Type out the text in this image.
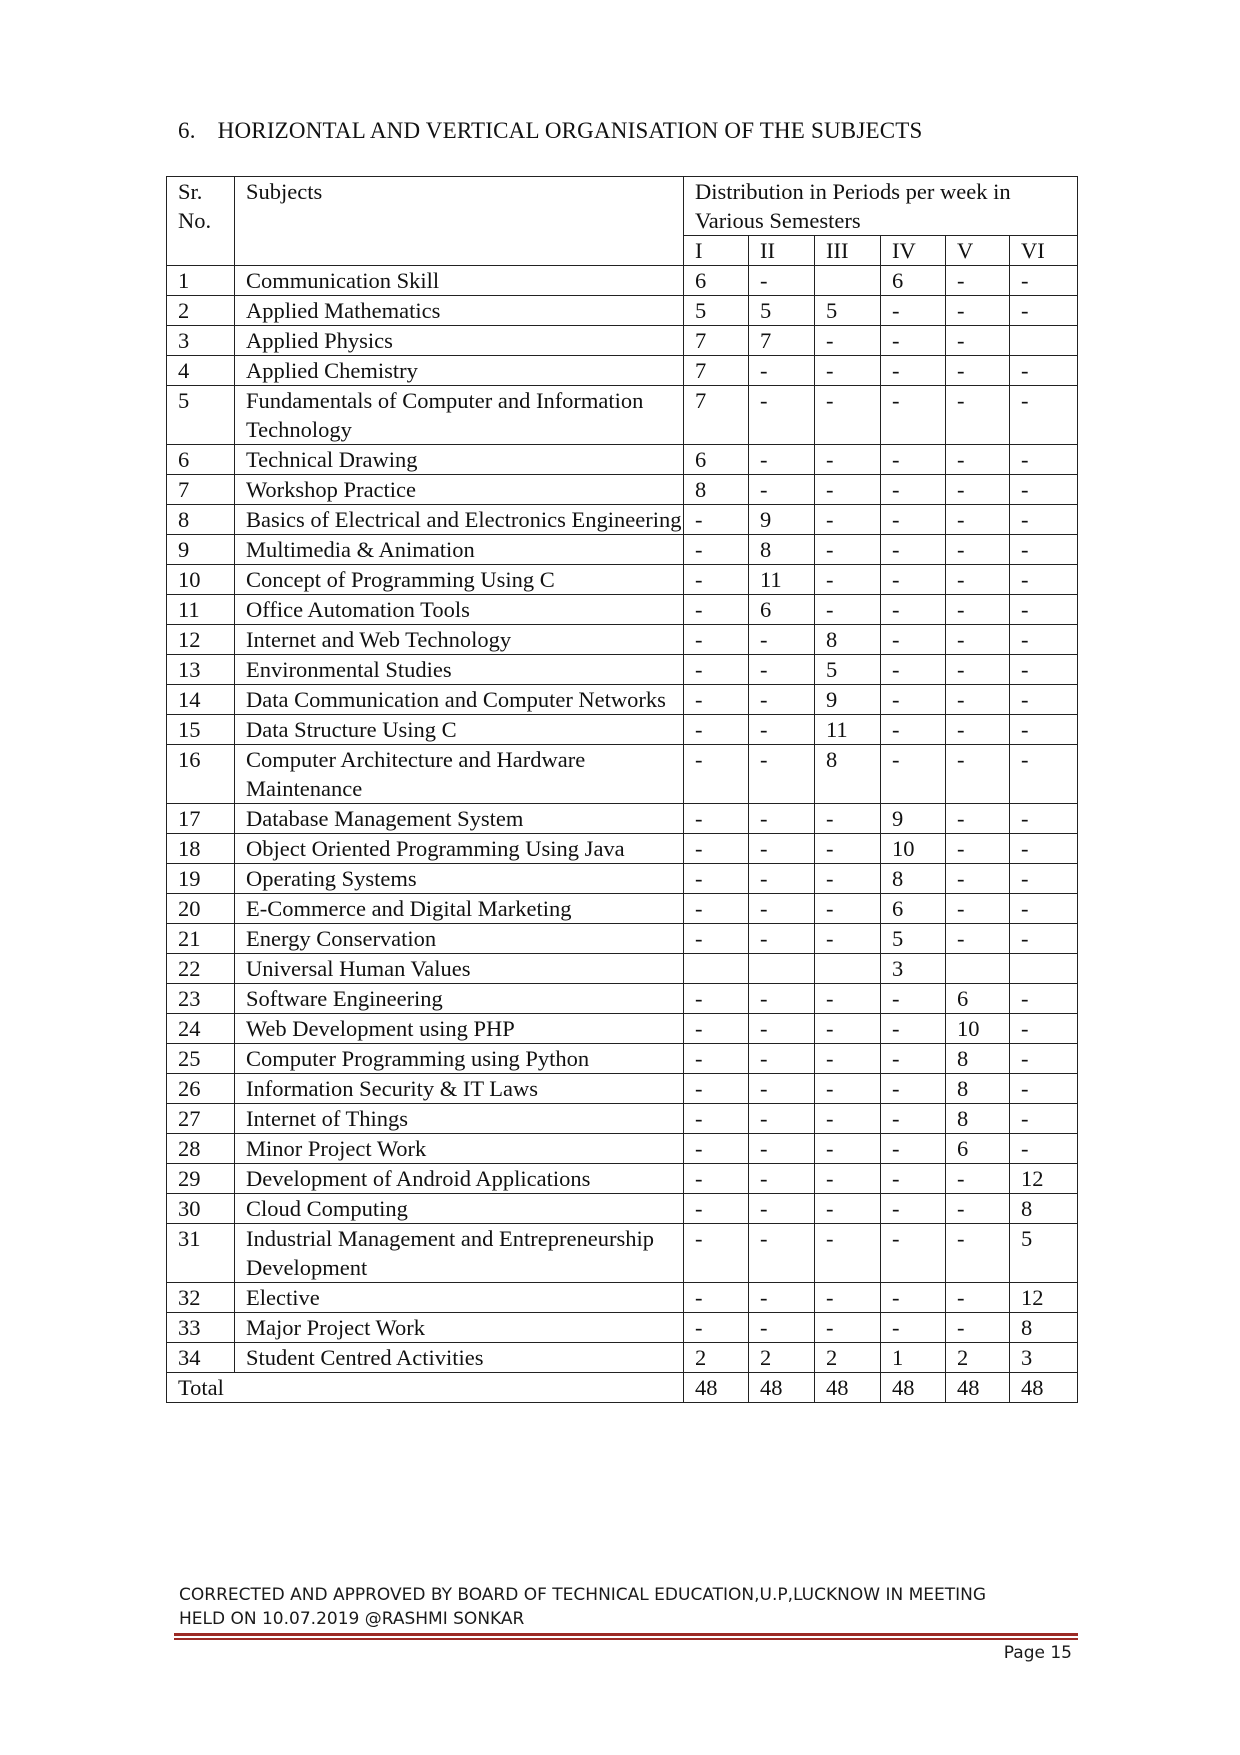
6. HORIZONTAL AND VERTICAL ORGANISATION OF THE SUBJECTS
Sr.
No.	Subjects	Distribution in Periods per week in Various Semesters					
		I	II	III	IV	V	VI
1	Communication Skill	6	-		6	-	-
2	Applied Mathematics	5	5	5	-	-	-
3	Applied Physics	7	7	-	-	-	
4	Applied Chemistry	7	-	-	-	-	-
5	Fundamentals of Computer and Information Technology	7	-	-	-	-	-
6	Technical Drawing	6	-	-	-	-	-
7	Workshop Practice	8	-	-	-	-	-
8	Basics of Electrical and Electronics Engineering	-	9	-	-	-	-
9	Multimedia & Animation	-	8	-	-	-	-
10	Concept of Programming Using C	-	11	-	-	-	-
11	Office Automation Tools	-	6	-	-	-	-
12	Internet and Web Technology	-	-	8	-	-	-
13	Environmental Studies	-	-	5	-	-	-
14	Data Communication and Computer Networks	-	-	9	-	-	-
15	Data Structure Using C	-	-	11	-	-	-
16	Computer Architecture and Hardware Maintenance	-	-	8	-	-	-
17	Database Management System	-	-	-	9	-	-
18	Object Oriented Programming Using Java	-	-	-	10	-	-
19	Operating Systems	-	-	-	8	-	-
20	E-Commerce and Digital Marketing	-	-	-	6	-	-
21	Energy Conservation	-	-	-	5	-	-
22	Universal Human Values				3		
23	Software Engineering	-	-	-	-	6	-
24	Web Development using PHP	-	-	-	-	10	-
25	Computer Programming using Python	-	-	-	-	8	-
26	Information Security & IT Laws	-	-	-	-	8	-
27	Internet of Things	-	-	-	-	8	-
28	Minor Project Work	-	-	-	-	6	-
29	Development of Android Applications	-	-	-	-	-	12
30	Cloud Computing	-	-	-	-	-	8
31	Industrial Management and Entrepreneurship Development	-	-	-	-	-	5
32	Elective	-	-	-	-	-	12
33	Major Project Work	-	-	-	-	-	8
34	Student Centred Activities	2	2	2	1	2	3
Total		48	48	48	48	48	48
CORRECTED AND APPROVED BY BOARD OF TECHNICAL EDUCATION,U.P,LUCKNOW IN MEETING
HELD ON 10.07.2019 @RASHMI SONKAR
Page 15
